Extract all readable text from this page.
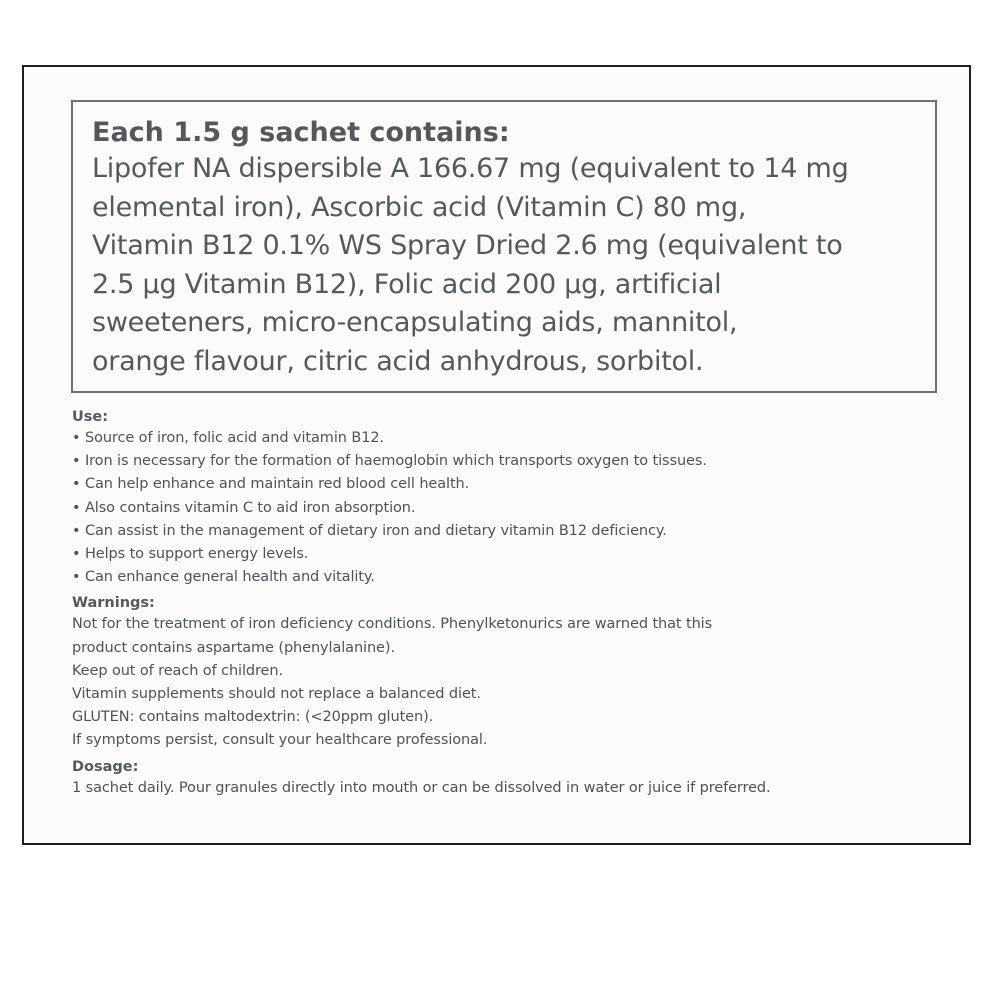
Each 1.5 g sachet contains:

Lipofer NA dispersible A 166.67 mg (equivalent to 14 mg
elemental iron), Ascorbic acid (Vitamin C) 80 mg,
Vitamin B12 0.1% WS Spray Dried 2.6 mg (equivalent to
2.5 µg Vitamin B12), Folic acid 200 µg, artificial
sweeteners, micro-encapsulating aids, mannitol,
orange flavour, citric acid anhydrous, sorbitol.

Use:

• Source of iron, folic acid and vitamin B12.

• Iron is necessary for the formation of haemoglobin which transports oxygen to tissues.

• Can help enhance and maintain red blood cell health.

• Also contains vitamin C to aid iron absorption.

• Can assist in the management of dietary iron and dietary vitamin B12 deficiency.

• Helps to support energy levels.

• Can enhance general health and vitality.

Warnings:

Not for the treatment of iron deficiency conditions. Phenylketonurics are warned that this

product contains aspartame (phenylalanine).

Keep out of reach of children.

Vitamin supplements should not replace a balanced diet.

GLUTEN: contains maltodextrin: (<20ppm gluten).

If symptoms persist, consult your healthcare professional.

Dosage:

1 sachet daily. Pour granules directly into mouth or can be dissolved in water or juice if preferred.
